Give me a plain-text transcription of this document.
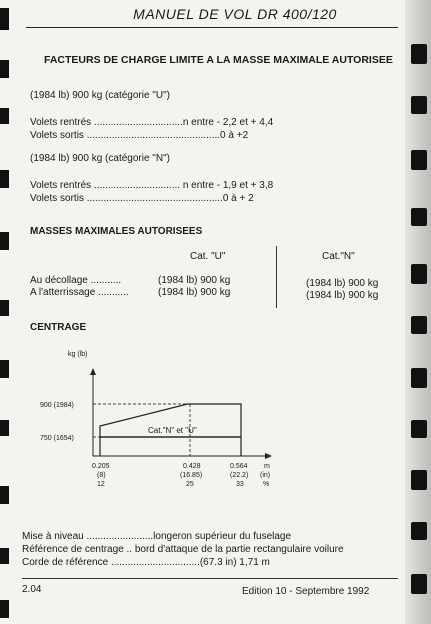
MANUEL DE VOL DR 400/120
FACTEURS DE CHARGE LIMITE A LA MASSE MAXIMALE AUTORISEE
(1984 lb) 900 kg (catégorie "U")
Volets rentrés ................................n entre - 2,2 et + 4,4
Volets sortis ................................................0 à +2
(1984 lb) 900 kg (catégorie "N")
Volets rentrés ............................... n entre - 1,9 et + 3,8
Volets sortis .................................................0 à + 2
MASSES MAXIMALES AUTORISEES
Cat. "U"	Cat."N"
Au décollage ...........	(1984 lb) 900 kg	(1984 lb) 900 kg
A l'atterrissage ...........	(1984 lb) 900 kg	(1984 lb) 900 kg
CENTRAGE
kg (lb)
900 (1984)
750 (1654)
Cat."N" et "U"
0.205
(8)
12
0.428
(16.85)
25
0.564
(22.2)
33
m
(in)
%
Mise à niveau ........................longeron supérieur du fuselage
Référence de centrage .. bord d'attaque de la partie rectangulaire voilure
Corde de référence ................................(67.3 in) 1,71 m
2.04	Edition 10 - Septembre 1992
